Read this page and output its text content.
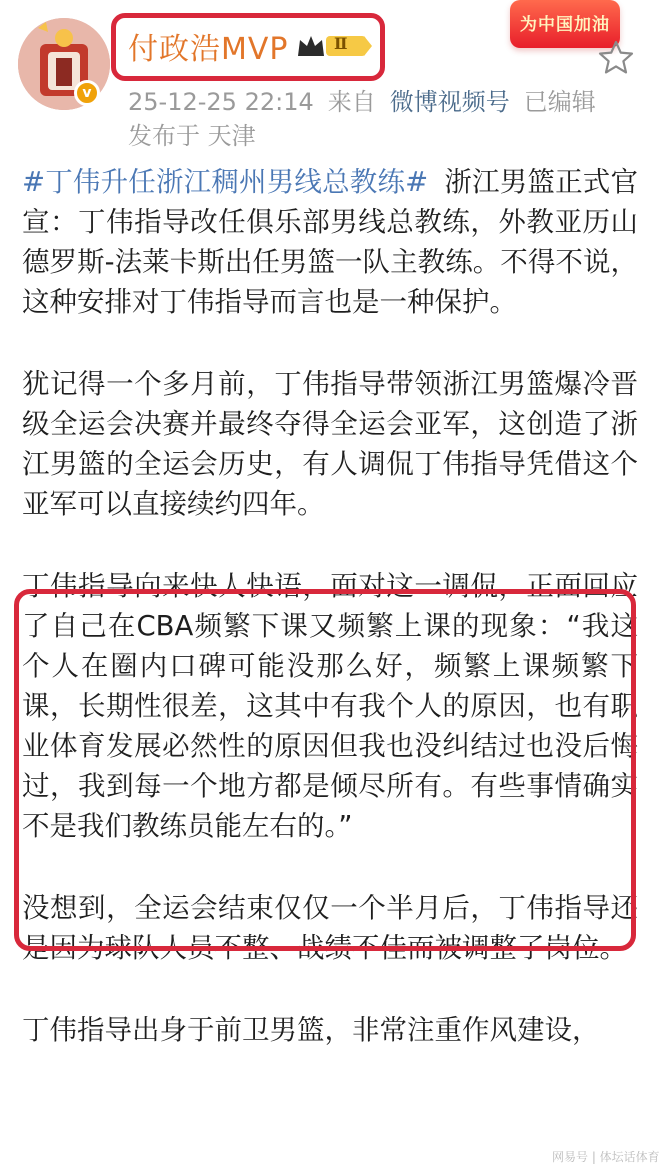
v
付政浩MVP	Ⅱ
为中国加油
25-12-25 22:14 来自 微博视频号 已编辑
发布于 天津

#丁伟升任浙江稠州男线总教练# 浙江男篮正式官宣：丁伟指导改任俱乐部男线总教练，外教亚历山德罗斯-法莱卡斯出任男篮一队主教练。不得不说，这种安排对丁伟指导而言也是一种保护。

犹记得一个多月前，丁伟指导带领浙江男篮爆冷晋级全运会决赛并最终夺得全运会亚军，这创造了浙江男篮的全运会历史，有人调侃丁伟指导凭借这个亚军可以直接续约四年。

丁伟指导向来快人快语，面对这一调侃，正面回应了自己在CBA频繁下课又频繁上课的现象：“我这个人在圈内口碑可能没那么好，频繁上课频繁下课，长期性很差，这其中有我个人的原因，也有职业体育发展必然性的原因但我也没纠结过也没后悔过，我到每一个地方都是倾尽所有。有些事情确实不是我们教练员能左右的。”

没想到，全运会结束仅仅一个半月后，丁伟指导还是因为球队人员不整、战绩不佳而被调整了岗位。

丁伟指导出身于前卫男篮，非常注重作风建设，

网易号 | 体坛话体育
